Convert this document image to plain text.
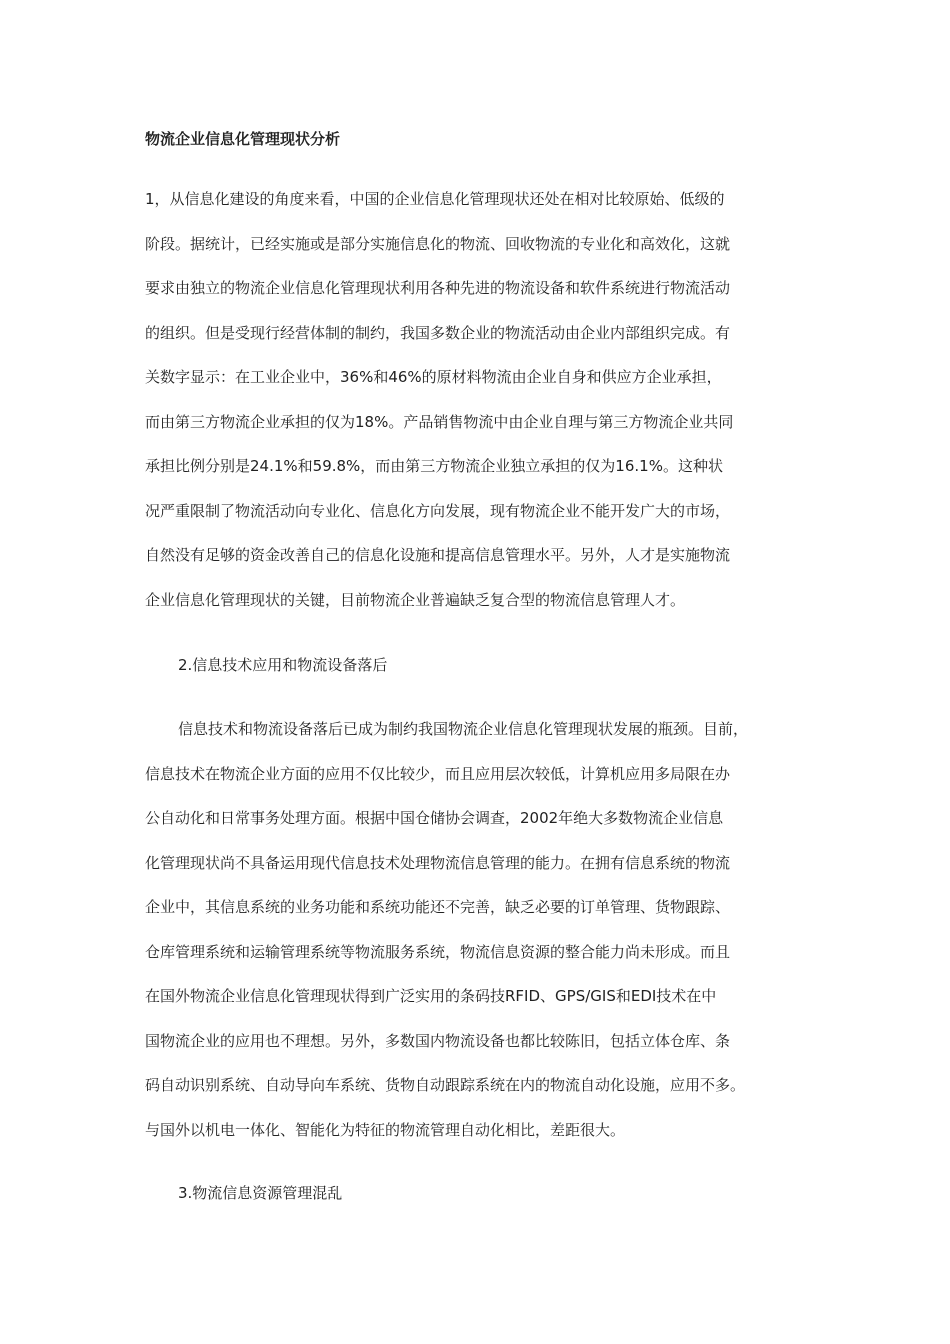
物流企业信息化管理现状分析
1，从信息化建设的角度来看，中国的企业信息化管理现状还处在相对比较原始、低级的
阶段。据统计，已经实施或是部分实施信息化的物流、回收物流的专业化和高效化，这就
要求由独立的物流企业信息化管理现状利用各种先进的物流设备和软件系统进行物流活动
的组织。但是受现行经营体制的制约，我国多数企业的物流活动由企业内部组织完成。有
关数字显示：在工业企业中，36%和46%的原材料物流由企业自身和供应方企业承担，
而由第三方物流企业承担的仅为18%。产品销售物流中由企业自理与第三方物流企业共同
承担比例分别是24.1%和59.8%，而由第三方物流企业独立承担的仅为16.1%。这种状
况严重限制了物流活动向专业化、信息化方向发展，现有物流企业不能开发广大的市场，
自然没有足够的资金改善自己的信息化设施和提高信息管理水平。另外，人才是实施物流
企业信息化管理现状的关键，目前物流企业普遍缺乏复合型的物流信息管理人才。
2.信息技术应用和物流设备落后
信息技术和物流设备落后已成为制约我国物流企业信息化管理现状发展的瓶颈。目前，
信息技术在物流企业方面的应用不仅比较少，而且应用层次较低，计算机应用多局限在办
公自动化和日常事务处理方面。根据中国仓储协会调查，2002年绝大多数物流企业信息
化管理现状尚不具备运用现代信息技术处理物流信息管理的能力。在拥有信息系统的物流
企业中，其信息系统的业务功能和系统功能还不完善，缺乏必要的订单管理、货物跟踪、
仓库管理系统和运输管理系统等物流服务系统，物流信息资源的整合能力尚未形成。而且
在国外物流企业信息化管理现状得到广泛实用的条码技RFID、GPS/GIS和EDI技术在中
国物流企业的应用也不理想。另外，多数国内物流设备也都比较陈旧，包括立体仓库、条
码自动识别系统、自动导向车系统、货物自动跟踪系统在内的物流自动化设施，应用不多。
与国外以机电一体化、智能化为特征的物流管理自动化相比，差距很大。
3.物流信息资源管理混乱
